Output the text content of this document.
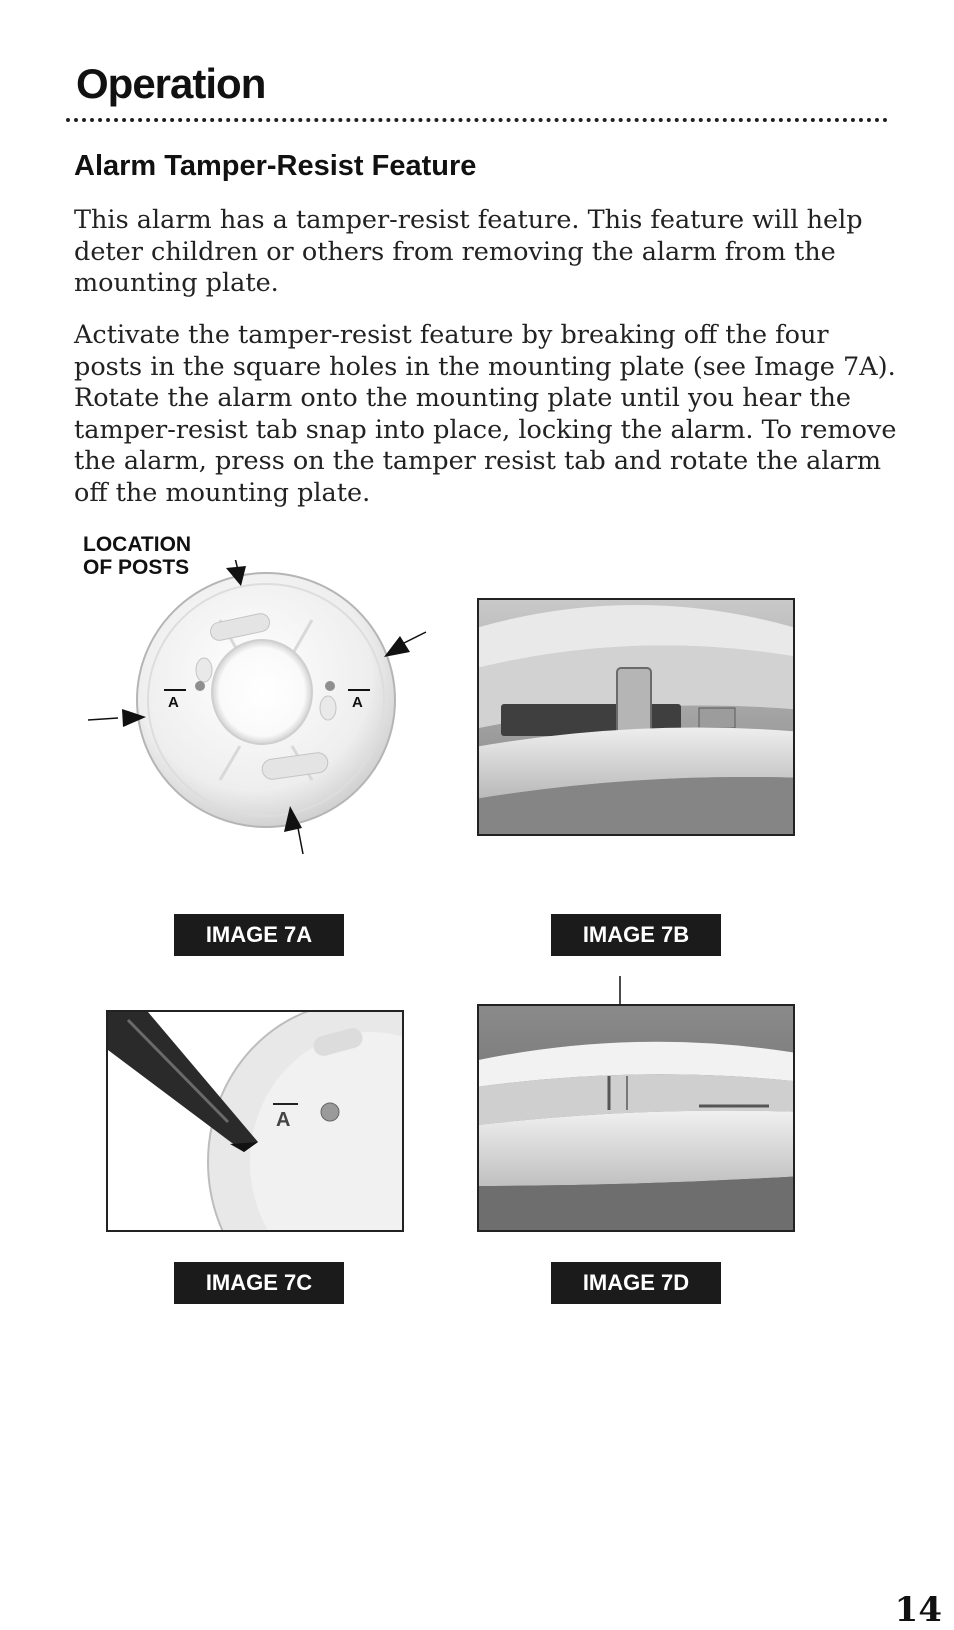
Operation
Alarm Tamper-Resist Feature

This alarm has a tamper-resist feature. This feature will help deter children or others from removing the alarm from the mounting plate.

Activate the tamper-resist feature by breaking off the four posts in the square holes in the mounting plate (see Image 7A). Rotate the alarm onto the mounting plate until you hear the tamper-resist tab snap into place, locking the alarm. To remove the alarm, press on the tamper resist tab and rotate the alarm off the mounting plate.

LOCATION
OF POSTS
A	A
A
IMAGE 7A	IMAGE 7B
IMAGE 7C	IMAGE 7D
14
